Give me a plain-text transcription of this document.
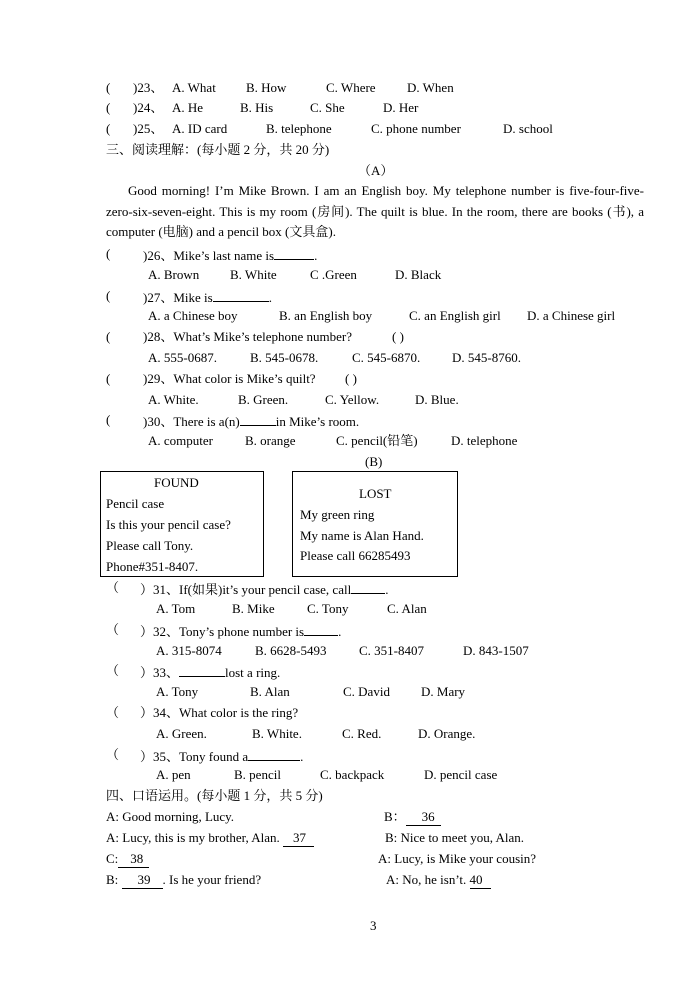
( )23、 A. What B. How	C. Where D. When
( )24、 A. He	B. His	C. She	D. Her
( )25、 A. ID card	B. telephone	C. phone number	D. school
三、阅读理解：(每小题 2 分，共 20 分)
（A）
Good morning! I’m Mike Brown. I am an English boy. My telephone number is five-four-five-zero-six-seven-eight. This is my room (房间). The quilt is blue. In the room, there are books (书), a computer (电脑) and a pencil box (文具盒).
(	)26、Mike’s last name is	.
A. Brown B. White	C .Green	D. Black
(	)27、Mike is	.
A. a Chinese boy	B. an English boy	C. an English girl D. a Chinese girl
(	)28、What’s Mike’s telephone number?	( )
A. 555-0687.	B. 545-0678.	C. 545-6870. D. 545-8760.
(	)29、What color is Mike’s quilt? ( )
A. White.	B. Green.	C. Yellow.	D. Blue.
(	)30、There is a(n)	in Mike’s room.
A. computer B. orange	C. pencil(铅笔)	D. telephone
(B)
FOUND
Pencil case
Is this your pencil case?
Please call Tony.
Phone#351-8407.
LOST
My green ring
My name is Alan Hand.
Please call 66285493
（ ）31、If(如果)it’s your pencil case, call	.
A. Tom	B. Mike C. Tony	C. Alan
（ ）32、Tony’s phone number is	.
A. 315-8074	B. 6628-5493	C. 351-8407	D. 843-1507
（ ）33、	lost a ring.
A. Tony	B. Alan	C. David D. Mary
（ ）34、What color is the ring?
A. Green.	B. White.	C. Red.	D. Orange.
（ ）35、Tony found a	.
A. pen	B. pencil	C. backpack	D. pencil case
四、口语运用。(每小题 1 分，共 5 分)
A: Good morning, Lucy.	B： 36
A: Lucy, this is my brother, Alan. 37	B: Nice to meet you, Alan.
C: 38	A: Lucy, is Mike your cousin?
B: 39 . Is he your friend?	A: No, he isn’t. 40
3
